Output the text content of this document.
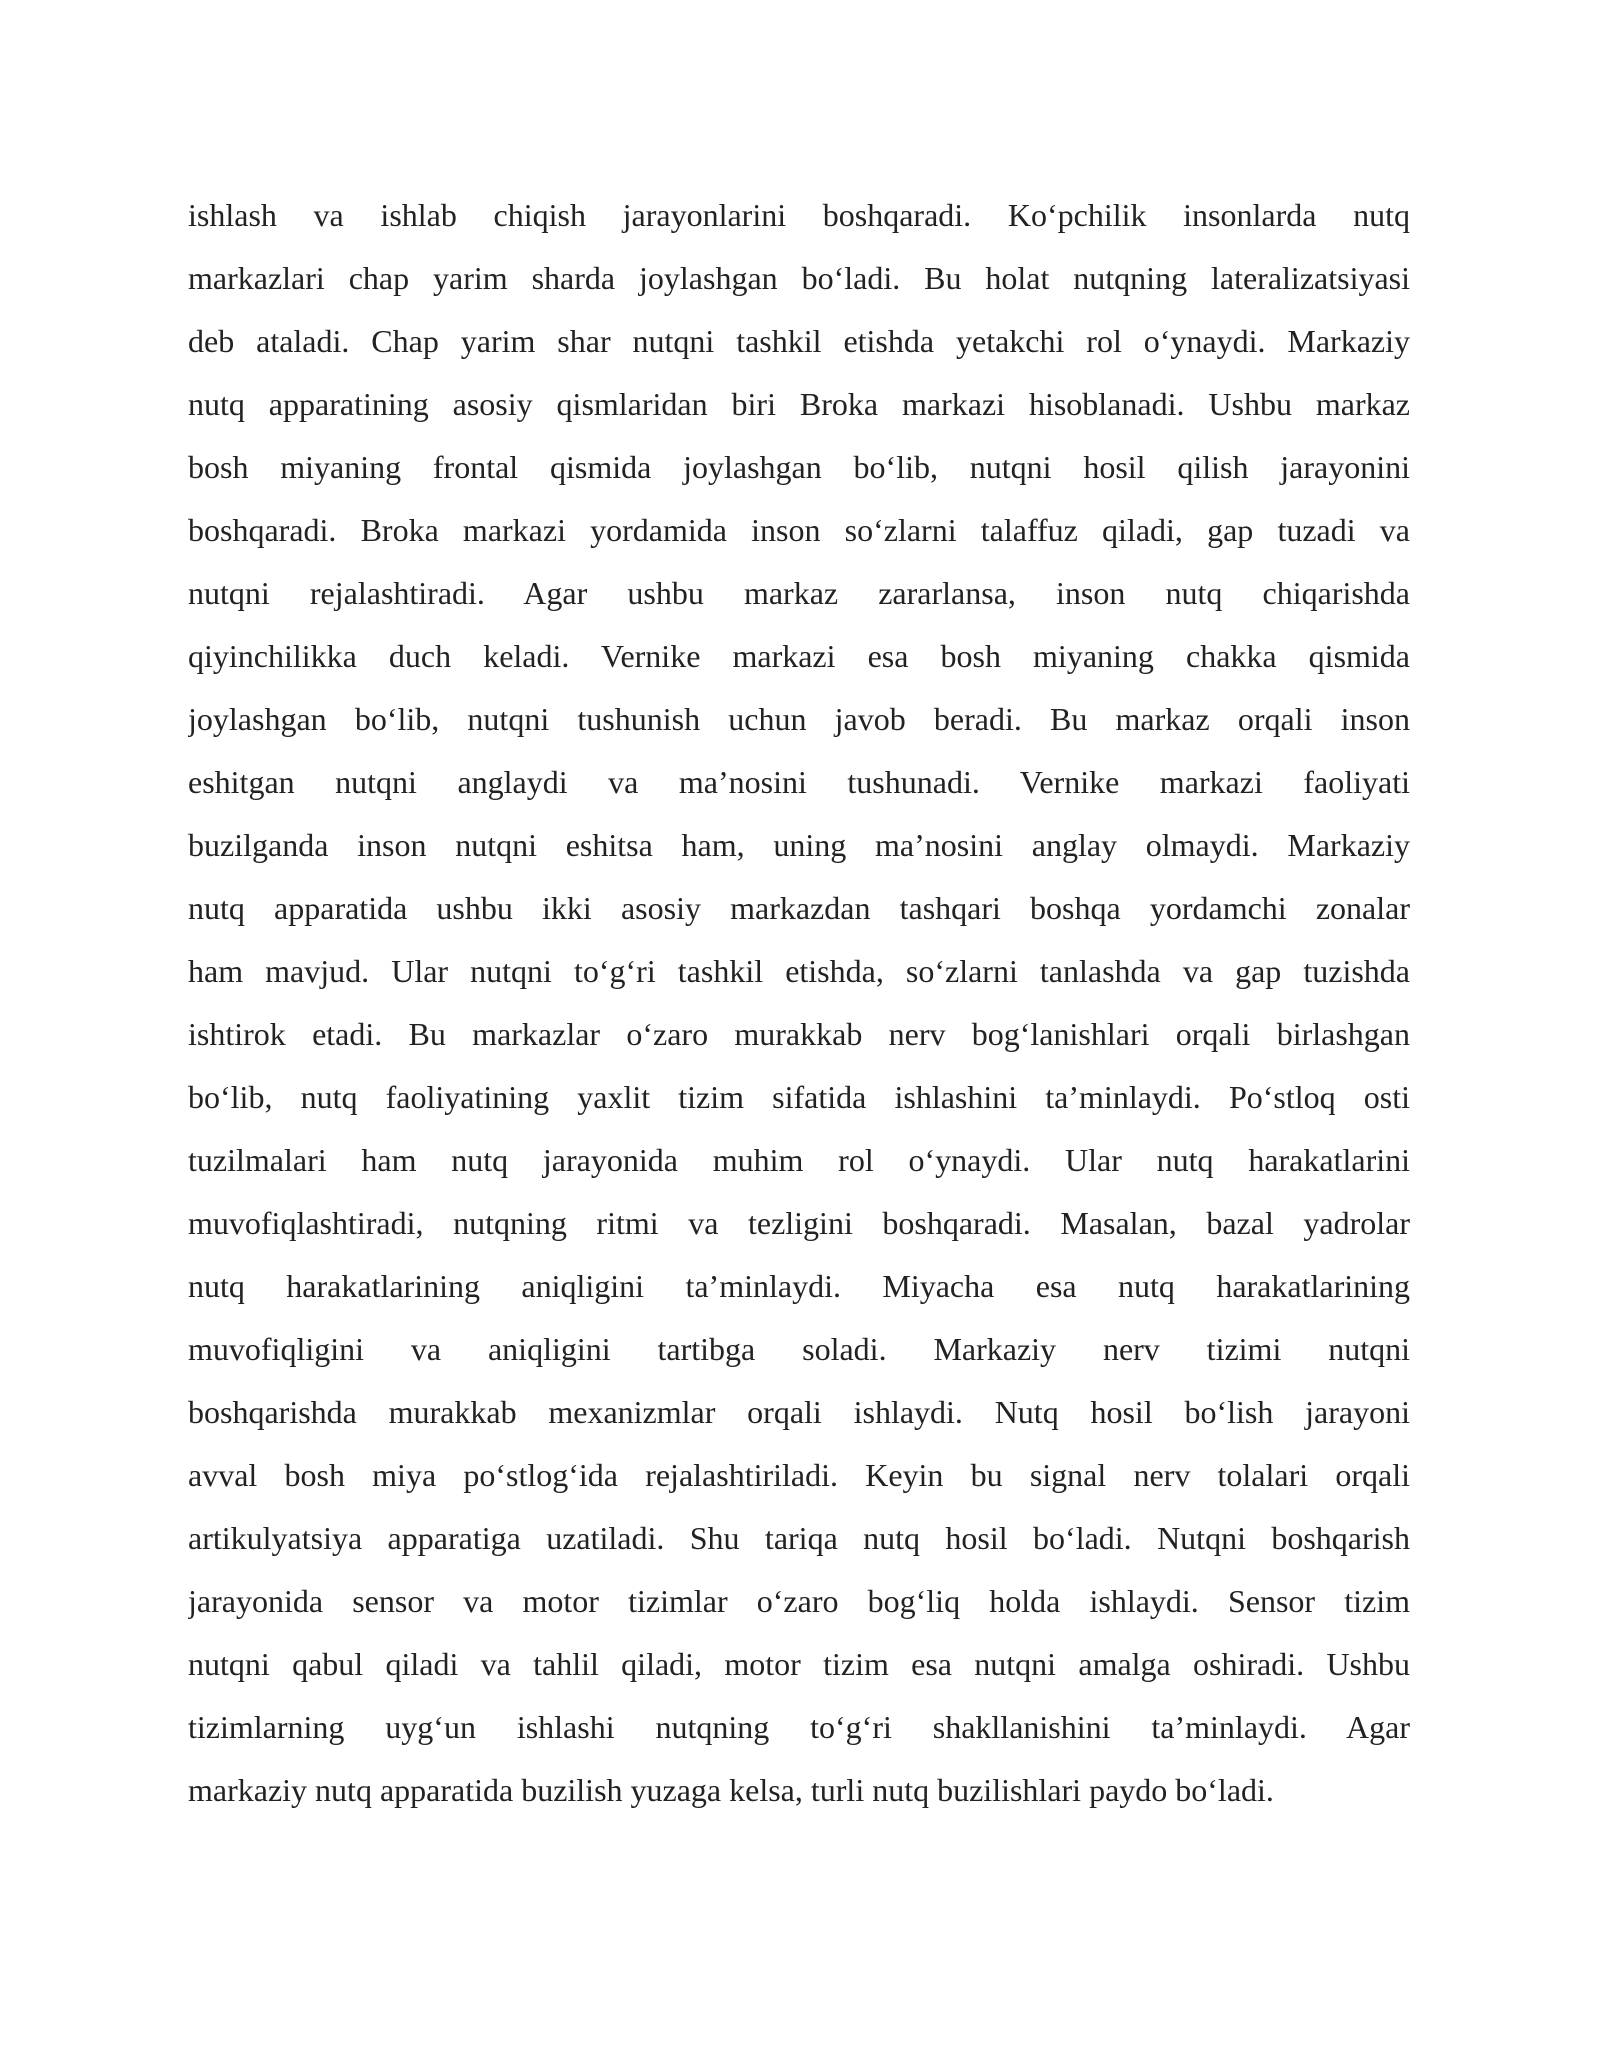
ishlash va ishlab chiqish jarayonlarini boshqaradi. Ko‘pchilik insonlarda nutq
markazlari chap yarim sharda joylashgan bo‘ladi. Bu holat nutqning lateralizatsiyasi
deb ataladi. Chap yarim shar nutqni tashkil etishda yetakchi rol o‘ynaydi. Markaziy
nutq apparatining asosiy qismlaridan biri Broka markazi hisoblanadi. Ushbu markaz
bosh miyaning frontal qismida joylashgan bo‘lib, nutqni hosil qilish jarayonini
boshqaradi. Broka markazi yordamida inson so‘zlarni talaffuz qiladi, gap tuzadi va
nutqni rejalashtiradi. Agar ushbu markaz zararlansa, inson nutq chiqarishda
qiyinchilikka duch keladi. Vernike markazi esa bosh miyaning chakka qismida
joylashgan bo‘lib, nutqni tushunish uchun javob beradi. Bu markaz orqali inson
eshitgan nutqni anglaydi va ma’nosini tushunadi. Vernike markazi faoliyati
buzilganda inson nutqni eshitsa ham, uning ma’nosini anglay olmaydi. Markaziy
nutq apparatida ushbu ikki asosiy markazdan tashqari boshqa yordamchi zonalar
ham mavjud. Ular nutqni to‘g‘ri tashkil etishda, so‘zlarni tanlashda va gap tuzishda
ishtirok etadi. Bu markazlar o‘zaro murakkab nerv bog‘lanishlari orqali birlashgan
bo‘lib, nutq faoliyatining yaxlit tizim sifatida ishlashini ta’minlaydi. Po‘stloq osti
tuzilmalari ham nutq jarayonida muhim rol o‘ynaydi. Ular nutq harakatlarini
muvofiqlashtiradi, nutqning ritmi va tezligini boshqaradi. Masalan, bazal yadrolar
nutq harakatlarining aniqligini ta’minlaydi. Miyacha esa nutq harakatlarining
muvofiqligini va aniqligini tartibga soladi. Markaziy nerv tizimi nutqni
boshqarishda murakkab mexanizmlar orqali ishlaydi. Nutq hosil bo‘lish jarayoni
avval bosh miya po‘stlog‘ida rejalashtiriladi. Keyin bu signal nerv tolalari orqali
artikulyatsiya apparatiga uzatiladi. Shu tariqa nutq hosil bo‘ladi. Nutqni boshqarish
jarayonida sensor va motor tizimlar o‘zaro bog‘liq holda ishlaydi. Sensor tizim
nutqni qabul qiladi va tahlil qiladi, motor tizim esa nutqni amalga oshiradi. Ushbu
tizimlarning uyg‘un ishlashi nutqning to‘g‘ri shakllanishini ta’minlaydi. Agar
markaziy nutq apparatida buzilish yuzaga kelsa, turli nutq buzilishlari paydo bo‘ladi.
